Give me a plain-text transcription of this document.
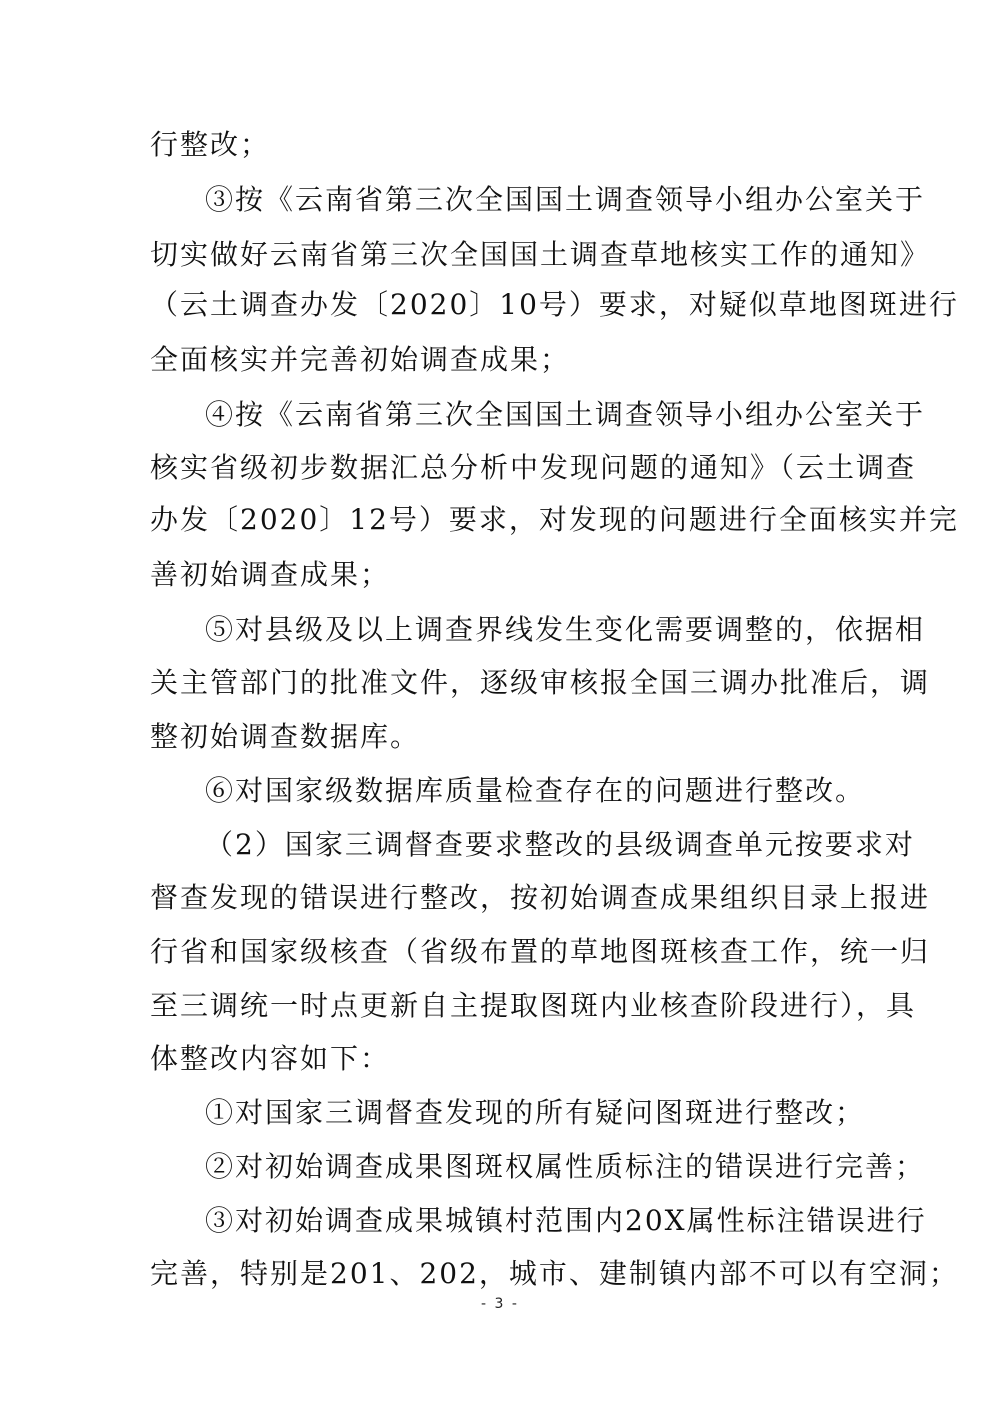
行整改；
③按《云南省第三次全国国土调查领导小组办公室关于
切实做好云南省第三次全国国土调查草地核实工作的通知》
（云土调查办发〔2020〕10号）要求，对疑似草地图斑进行
全面核实并完善初始调查成果；
④按《云南省第三次全国国土调查领导小组办公室关于
核实省级初步数据汇总分析中发现问题的通知》（云土调查
办发〔2020〕12号）要求，对发现的问题进行全面核实并完
善初始调查成果；
⑤对县级及以上调查界线发生变化需要调整的，依据相
关主管部门的批准文件，逐级审核报全国三调办批准后，调
整初始调查数据库。
⑥对国家级数据库质量检查存在的问题进行整改。
（2）国家三调督查要求整改的县级调查单元按要求对
督查发现的错误进行整改，按初始调查成果组织目录上报进
行省和国家级核查（省级布置的草地图斑核查工作，统一归
至三调统一时点更新自主提取图斑内业核查阶段进行），具
体整改内容如下：
①对国家三调督查发现的所有疑问图斑进行整改；
②对初始调查成果图斑权属性质标注的错误进行完善；
③对初始调查成果城镇村范围内20X属性标注错误进行
完善，特别是201、202，城市、建制镇内部不可以有空洞；
- 3 -
